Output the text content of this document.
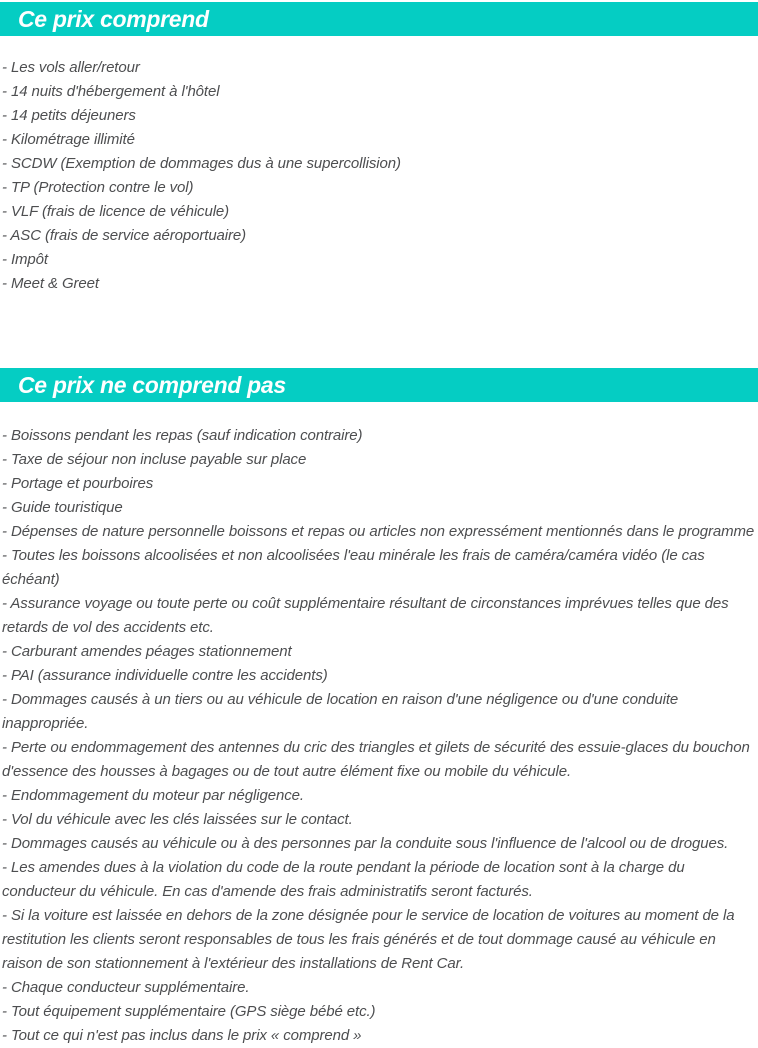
Ce prix comprend

- Les vols aller/retour

- 14 nuits d'hébergement à l'hôtel

- 14 petits déjeuners

- Kilométrage illimité

- SCDW (Exemption de dommages dus à une supercollision)

- TP (Protection contre le vol)

- VLF (frais de licence de véhicule)

- ASC (frais de service aéroportuaire)

- Impôt

- Meet & Greet

Ce prix ne comprend pas

- Boissons pendant les repas (sauf indication contraire)

- Taxe de séjour non incluse payable sur place

- Portage et pourboires

- Guide touristique

- Dépenses de nature personnelle boissons et repas ou articles non expressément mentionnés dans le programme

- Toutes les boissons alcoolisées et non alcoolisées l'eau minérale les frais de caméra/caméra vidéo (le cas échéant)

- Assurance voyage ou toute perte ou coût supplémentaire résultant de circonstances imprévues telles que des retards de vol des accidents etc.

- Carburant amendes péages stationnement

- PAI (assurance individuelle contre les accidents)

- Dommages causés à un tiers ou au véhicule de location en raison d'une négligence ou d'une conduite inappropriée.

- Perte ou endommagement des antennes du cric des triangles et gilets de sécurité des essuie-glaces du bouchon d'essence des housses à bagages ou de tout autre élément fixe ou mobile du véhicule.

- Endommagement du moteur par négligence.

- Vol du véhicule avec les clés laissées sur le contact.

- Dommages causés au véhicule ou à des personnes par la conduite sous l'influence de l'alcool ou de drogues.

- Les amendes dues à la violation du code de la route pendant la période de location sont à la charge du conducteur du véhicule. En cas d'amende des frais administratifs seront facturés.

- Si la voiture est laissée en dehors de la zone désignée pour le service de location de voitures au moment de la restitution les clients seront responsables de tous les frais générés et de tout dommage causé au véhicule en raison de son stationnement à l'extérieur des installations de Rent Car.

- Chaque conducteur supplémentaire.

- Tout équipement supplémentaire (GPS siège bébé etc.)

- Tout ce qui n'est pas inclus dans le prix « comprend »
